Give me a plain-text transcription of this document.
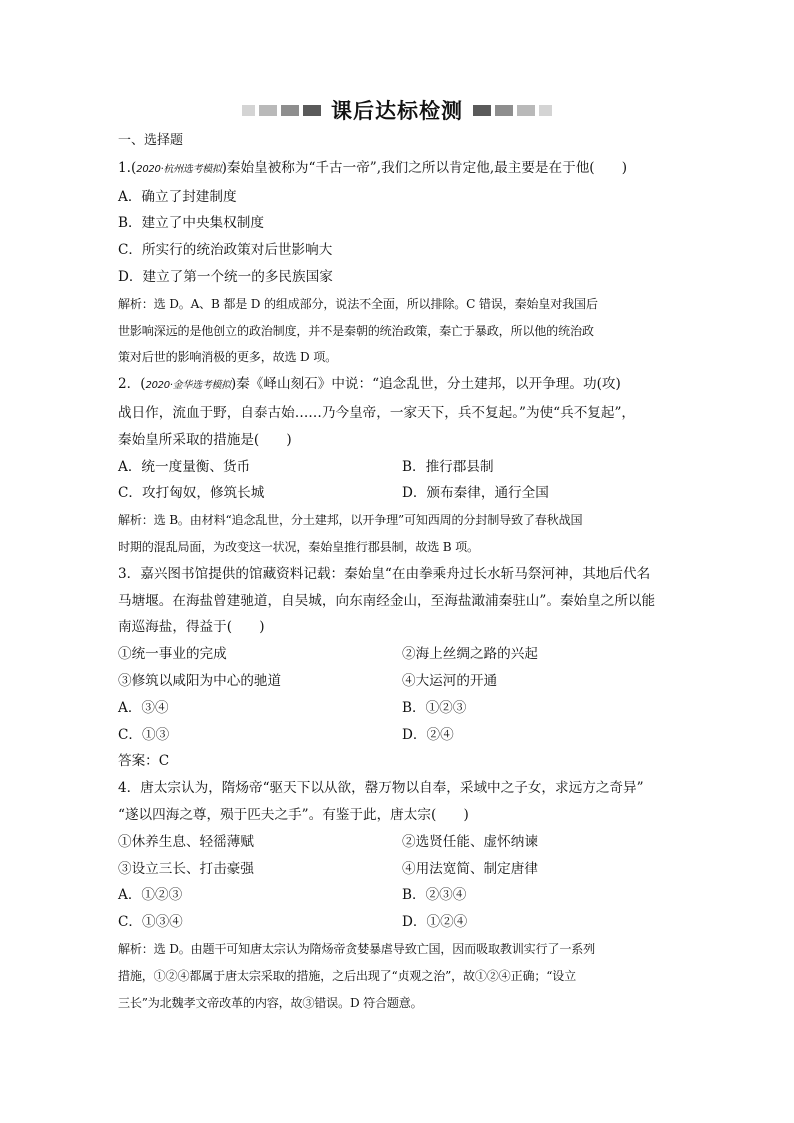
课后达标检测
一、选择题
1.(2020·杭州选考模拟)秦始皇被称为“千古一帝”,我们之所以肯定他,最主要是在于他(　　)
A．确立了封建制度
B．建立了中央集权制度
C．所实行的统治政策对后世影响大
D．建立了第一个统一的多民族国家
解析：选 D。A、B 都是 D 的组成部分，说法不全面，所以排除。C 错误，秦始皇对我国后
世影响深远的是他创立的政治制度，并不是秦朝的统治政策，秦亡于暴政，所以他的统治政
策对后世的影响消极的更多，故选 D 项。
2．(2020·金华选考模拟)秦《峄山刻石》中说：“追念乱世，分土建邦，以开争理。功(攻)
战日作，流血于野，自泰古始……乃今皇帝，一家天下，兵不复起。”为使“兵不复起”，
秦始皇所采取的措施是(　　)
A．统一度量衡、货币	B．推行郡县制
C．攻打匈奴，修筑长城	D．颁布秦律，通行全国
解析：选 B。由材料“追念乱世，分土建邦，以开争理”可知西周的分封制导致了春秋战国
时期的混乱局面，为改变这一状况，秦始皇推行郡县制，故选 B 项。
3．嘉兴图书馆提供的馆藏资料记载：秦始皇“在由拳乘舟过长水斩马祭河神，其地后代名
马塘堰。在海盐曾建驰道，自吴城，向东南经金山，至海盐澉浦秦驻山”。秦始皇之所以能
南巡海盐，得益于(　　)
①统一事业的完成	②海上丝绸之路的兴起
③修筑以咸阳为中心的驰道	④大运河的开通
A．③④	B．①②③
C．①③	D．②④
答案：C
4．唐太宗认为，隋炀帝“驱天下以从欲，罄万物以自奉，采域中之子女，求远方之奇异”
“遂以四海之尊，殒于匹夫之手”。有鉴于此，唐太宗(　　)
①休养生息、轻徭薄赋	②选贤任能、虚怀纳谏
③设立三长、打击豪强	④用法宽简、制定唐律
A．①②③	B．②③④
C．①③④	D．①②④
解析：选 D。由题干可知唐太宗认为隋炀帝贪婪暴虐导致亡国，因而吸取教训实行了一系列
措施，①②④都属于唐太宗采取的措施，之后出现了“贞观之治”，故①②④正确；“设立
三长”为北魏孝文帝改革的内容，故③错误。D 符合题意。
